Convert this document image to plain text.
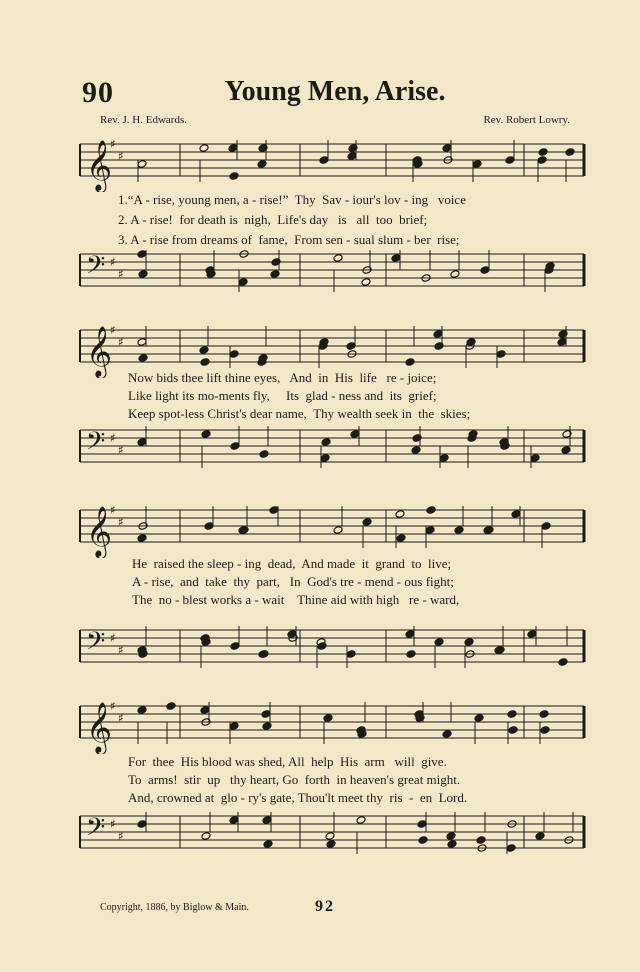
90	Young Men, Arise.
Rev. J. H. Edwards.	Rev. Robert Lowry.
𝄞
♯
♯
1.“A - rise, young men, a - rise!”  Thy  Sav - iour's lov - ing   voice
2. A - rise!  for death is  nigh,  Life's day   is   all  too  brief;
3. A - rise from dreams of  fame,  From sen - sual slum - ber  rise;
𝄢 ♯
♯
𝄞
♯
♯
Now bids thee lift thine eyes,   And  in  His  life   re - joice;
Like light its mo-ments fly,     Its  glad - ness and  its  grief;
Keep spot-less Christ's dear name,  Thy wealth seek in  the  skies;
𝄢 ♯
♯
𝄞
♯
♯
He  raised the sleep - ing  dead,  And made  it  grand  to  live;
A - rise,  and  take  thy  part,   In  God's tre - mend - ous fight;
The  no - blest works a - wait    Thine aid with high   re - ward,
𝄢 ♯
♯
𝄞
♯
♯
For  thee  His blood was shed, All  help  His  arm   will  give.
To  arms!  stir  up   thy heart, Go  forth  in heaven's great might.
And, crowned at  glo - ry's gate, Thou'lt meet thy  ris  -  en  Lord.
𝄢 ♯
♯
Copyright, 1886, by Biglow & Main.	92
